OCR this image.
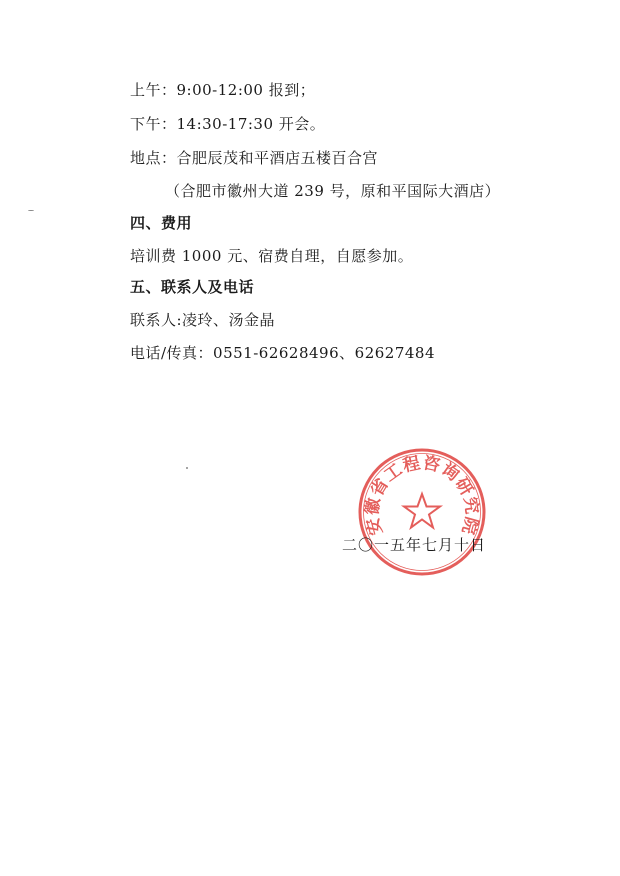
上午：9:00-12:00 报到；
下午：14:30-17:30 开会。
地点：合肥辰茂和平酒店五楼百合宫
（合肥市徽州大道 239 号，原和平国际大酒店）
四、费用
培训费 1000 元、宿费自理，自愿参加。
五、联系人及电话
联系人:凌玲、汤金晶
电话/传真：0551-62628496、62627484
安徽省工程咨询研究院
二〇一五年七月十日
